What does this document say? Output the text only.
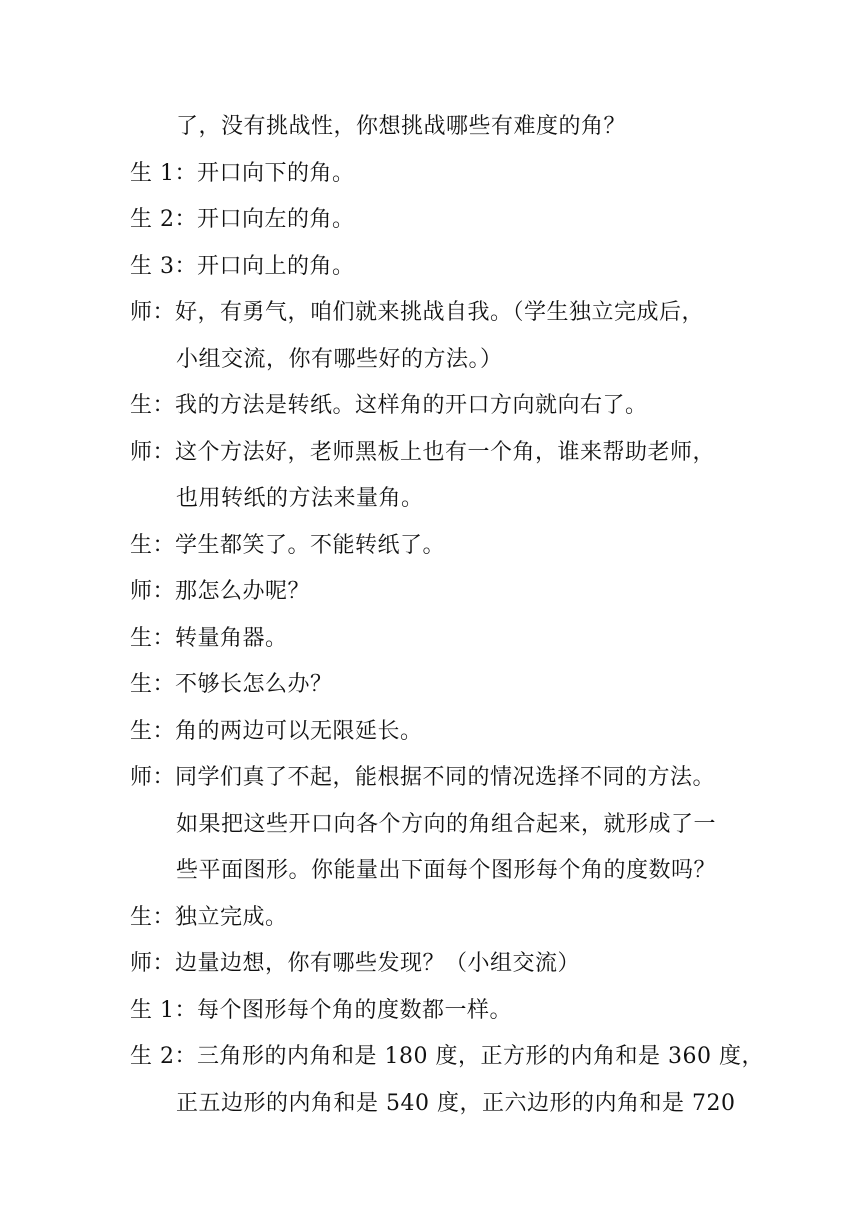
了，没有挑战性，你想挑战哪些有难度的角？
生 1：开口向下的角。
生 2：开口向左的角。
生 3：开口向上的角。
师：好，有勇气，咱们就来挑战自我。（学生独立完成后，
小组交流，你有哪些好的方法。）
生：我的方法是转纸。这样角的开口方向就向右了。
师：这个方法好，老师黑板上也有一个角，谁来帮助老师，
也用转纸的方法来量角。
生：学生都笑了。不能转纸了。
师：那怎么办呢？
生：转量角器。
生：不够长怎么办？
生：角的两边可以无限延长。
师：同学们真了不起，能根据不同的情况选择不同的方法。
如果把这些开口向各个方向的角组合起来，就形成了一
些平面图形。你能量出下面每个图形每个角的度数吗？
生：独立完成。
师：边量边想，你有哪些发现？（小组交流）
生 1：每个图形每个角的度数都一样。
生 2：三角形的内角和是 180 度，正方形的内角和是 360 度，
正五边形的内角和是 540 度，正六边形的内角和是 720
